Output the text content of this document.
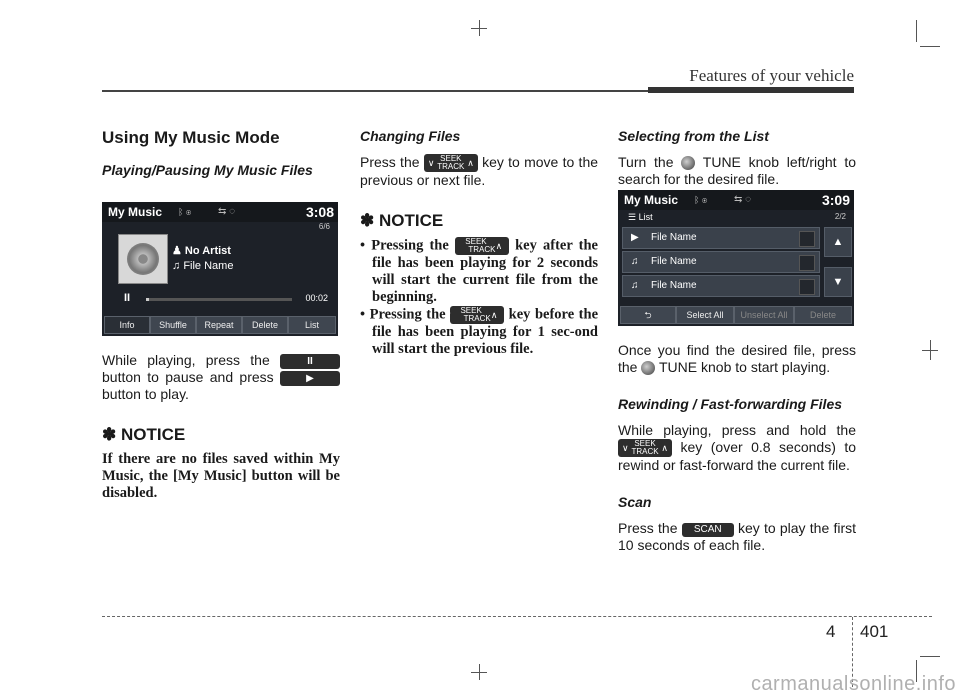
Features of your vehicle
Using My Music Mode
Playing/Pausing My Music Files
My Music ᛒ ◉	⇆ ◌	3:08
6/6
♟ No Artist
♫ File Name
II	00:02
Info	Shuffle	Repeat	Delete	List

While playing, press the	II button to pause and press	▶ button to play.

✽ NOTICE
If there are no files saved within My Music, the [My Music] button will be disabled.
Changing Files

Press the ∨ SEEK
TRACK ∧ key to move to the previous or next file.

✽ NOTICE

• Pressing the ∨	SEEK
TRACK ∧ key after the file has been playing for 2 seconds will start the current file from the beginning.

• Pressing the ∨	SEEK
TRACK ∧ key before the file has been playing for 1 sec-ond will start the previous file.

Selecting from the List

Turn the TUNE knob left/right to search for the desired file.

My Music ᛒ ◉	⇆ ◌	3:09
☰ List	2/2
▶ File Name
♫ File Name
♫ File Name
▲
▼
⮌	Select All	Unselect All	Delete

Once you find the desired file, press the TUNE knob to start playing.

Rewinding / Fast-forwarding Files

While playing, press and hold the
∨ SEEK
TRACK ∧ key (over 0.8 seconds) to rewind or fast-forward the current file.

Scan

Press the SCAN key to play the first 10 seconds of each file.

4 401
carmanualsonline.info
